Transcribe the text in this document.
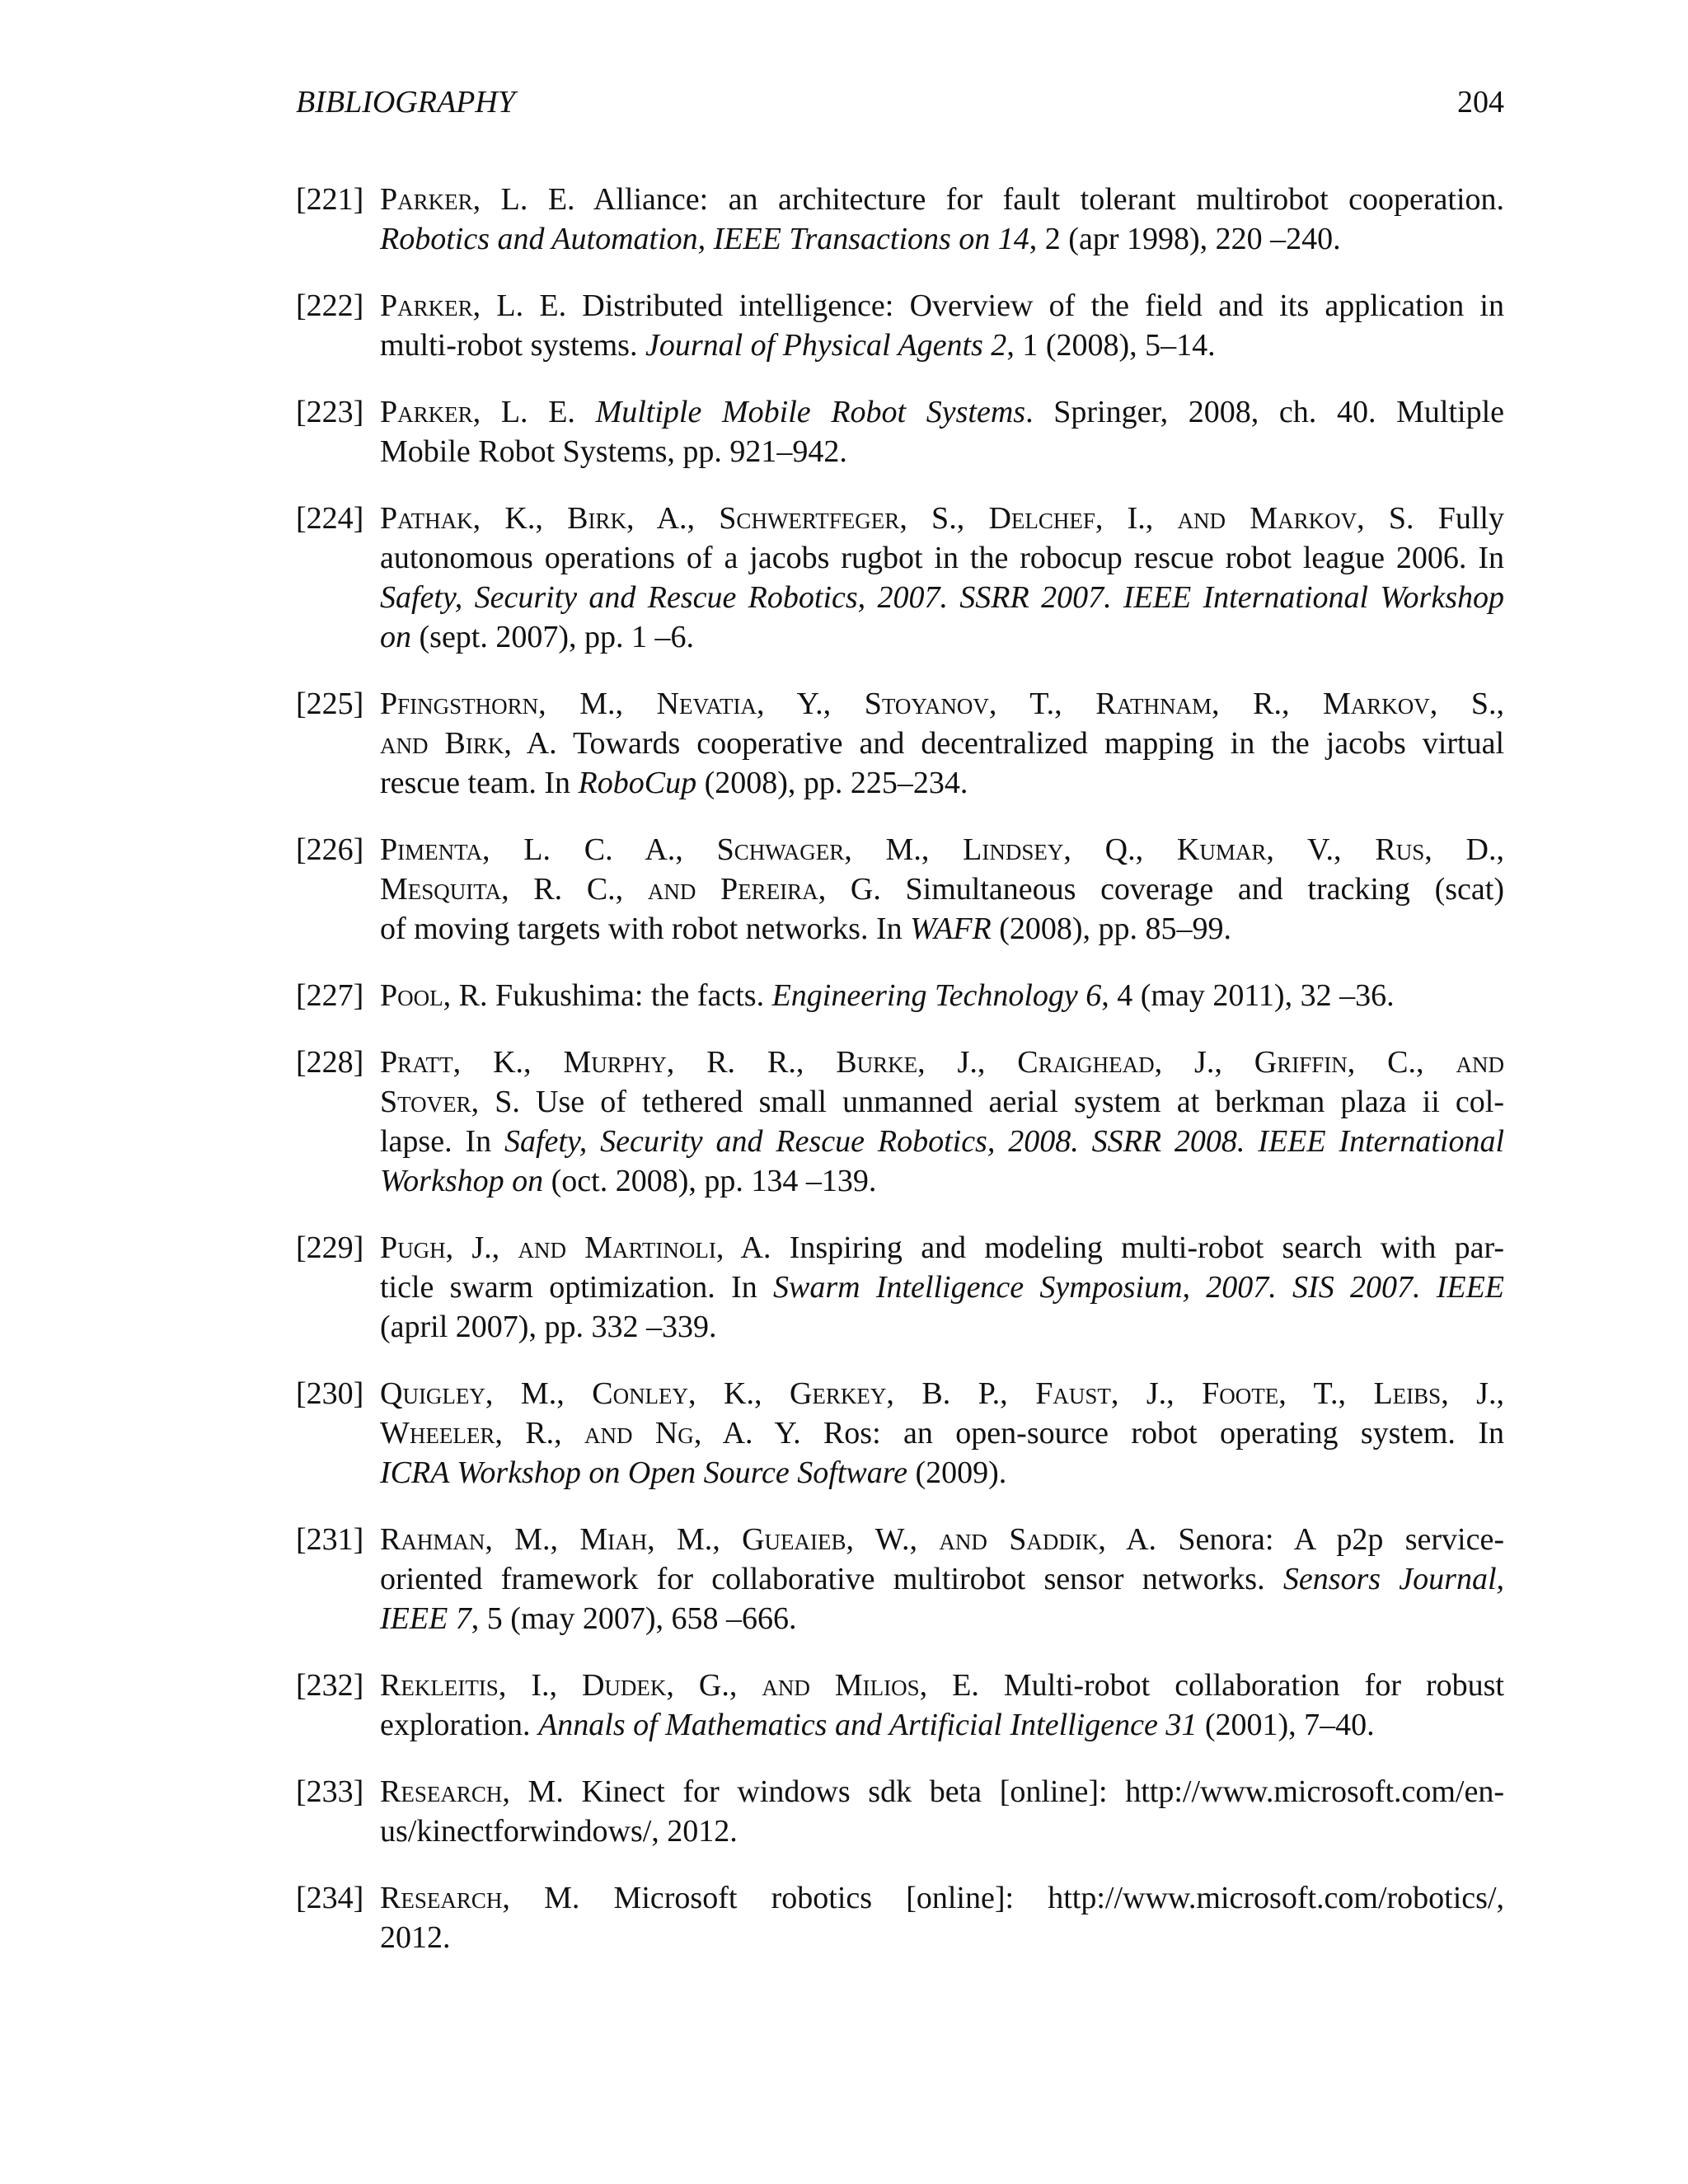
BIBLIOGRAPHY	204
[221] Parker, L. E. Alliance: an architecture for fault tolerant multirobot cooperation.
Robotics and Automation, IEEE Transactions on 14, 2 (apr 1998), 220 –240.
[222] Parker, L. E. Distributed intelligence: Overview of the field and its application in
multi-robot systems. Journal of Physical Agents 2, 1 (2008), 5–14.
[223] Parker, L. E. Multiple Mobile Robot Systems. Springer, 2008, ch. 40. Multiple
Mobile Robot Systems, pp. 921–942.
[224] Pathak, K., Birk, A., Schwertfeger, S., Delchef, I., and Markov, S. Fully
autonomous operations of a jacobs rugbot in the robocup rescue robot league 2006. In
Safety, Security and Rescue Robotics, 2007. SSRR 2007. IEEE International Workshop
on (sept. 2007), pp. 1 –6.
[225] Pfingsthorn, M., Nevatia, Y., Stoyanov, T., Rathnam, R., Markov, S.,
and Birk, A. Towards cooperative and decentralized mapping in the jacobs virtual
rescue team. In RoboCup (2008), pp. 225–234.
[226] Pimenta, L. C. A., Schwager, M., Lindsey, Q., Kumar, V., Rus, D.,
Mesquita, R. C., and Pereira, G. Simultaneous coverage and tracking (scat)
of moving targets with robot networks. In WAFR (2008), pp. 85–99.
[227] Pool, R. Fukushima: the facts. Engineering Technology 6, 4 (may 2011), 32 –36.
[228] Pratt, K., Murphy, R. R., Burke, J., Craighead, J., Griffin, C., and
Stover, S. Use of tethered small unmanned aerial system at berkman plaza ii col-
lapse. In Safety, Security and Rescue Robotics, 2008. SSRR 2008. IEEE International
Workshop on (oct. 2008), pp. 134 –139.
[229] Pugh, J., and Martinoli, A. Inspiring and modeling multi-robot search with par-
ticle swarm optimization. In Swarm Intelligence Symposium, 2007. SIS 2007. IEEE
(april 2007), pp. 332 –339.
[230] Quigley, M., Conley, K., Gerkey, B. P., Faust, J., Foote, T., Leibs, J.,
Wheeler, R., and Ng, A. Y. Ros: an open-source robot operating system. In
ICRA Workshop on Open Source Software (2009).
[231] Rahman, M., Miah, M., Gueaieb, W., and Saddik, A. Senora: A p2p service-
oriented framework for collaborative multirobot sensor networks. Sensors Journal,
IEEE 7, 5 (may 2007), 658 –666.
[232] Rekleitis, I., Dudek, G., and Milios, E. Multi-robot collaboration for robust
exploration. Annals of Mathematics and Artificial Intelligence 31 (2001), 7–40.
[233] Research, M. Kinect for windows sdk beta [online]: http://www.microsoft.com/en-
us/kinectforwindows/, 2012.
[234] Research, M. Microsoft robotics [online]: http://www.microsoft.com/robotics/,
2012.
